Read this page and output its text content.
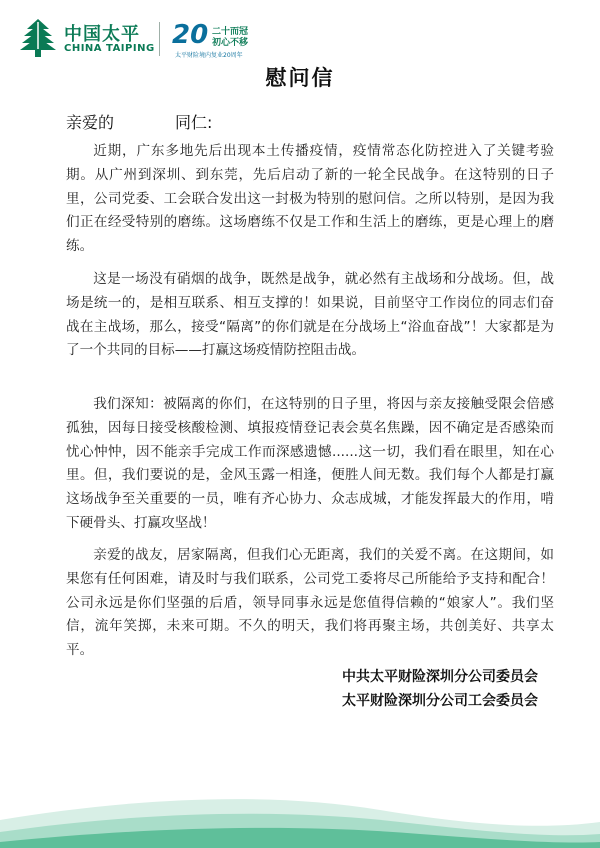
中国太平
CHINA TAIPING 20 二十而冠
初心不移
太平财险境内复业20周年
慰问信
亲爱的            同仁:

近期，广东多地先后出现本土传播疫情，疫情常态化防控进入了关键考验期。从广州到深圳、到东莞，先后启动了新的一轮全民战争。在这特别的日子里，公司党委、工会联合发出这一封极为特别的慰问信。之所以特别，是因为我们正在经受特别的磨练。这场磨练不仅是工作和生活上的磨练，更是心理上的磨练。

这是一场没有硝烟的战争，既然是战争，就必然有主战场和分战场。但，战场是统一的，是相互联系、相互支撑的！如果说，目前坚守工作岗位的同志们奋战在主战场，那么，接受“隔离”的你们就是在分战场上“浴血奋战”！大家都是为了一个共同的目标——打赢这场疫情防控阻击战。

我们深知：被隔离的你们，在这特别的日子里，将因与亲友接触受限会倍感孤独，因每日接受核酸检测、填报疫情登记表会莫名焦躁，因不确定是否感染而忧心忡忡，因不能亲手完成工作而深感遗憾......这一切，我们看在眼里，知在心里。但，我们要说的是，金风玉露一相逢，便胜人间无数。我们每个人都是打赢这场战争至关重要的一员，唯有齐心协力、众志成城，才能发挥最大的作用，啃下硬骨头、打赢攻坚战！

亲爱的战友，居家隔离，但我们心无距离，我们的关爱不离。在这期间，如果您有任何困难，请及时与我们联系，公司党工委将尽己所能给予支持和配合！公司永远是你们坚强的后盾，领导同事永远是您值得信赖的“娘家人”。我们坚信，流年笑掷，未来可期。不久的明天，我们将再聚主场，共创美好、共享太平。

中共太平财险深圳分公司委员会
太平财险深圳分公司工会委员会
